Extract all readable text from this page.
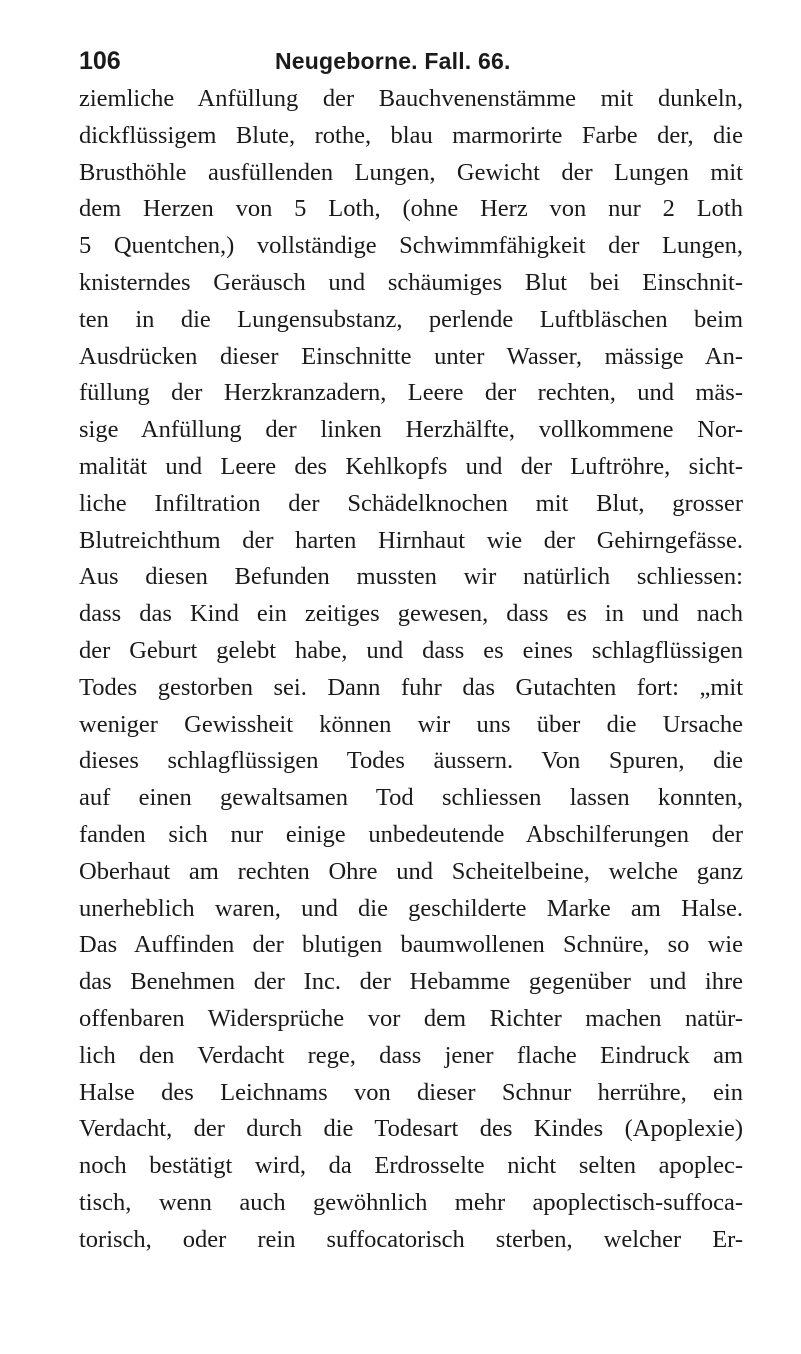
106	Neugeborne. Fall. 66.
ziemliche Anfüllung der Bauchvenenstämme mit dunkeln,
dickflüssigem Blute, rothe, blau marmorirte Farbe der, die
Brusthöhle ausfüllenden Lungen, Gewicht der Lungen mit
dem Herzen von 5 Loth, (ohne Herz von nur 2 Loth
5 Quentchen,) vollständige Schwimmfähigkeit der Lungen,
knisterndes Geräusch und schäumiges Blut bei Einschnit-
ten in die Lungensubstanz, perlende Luftbläschen beim
Ausdrücken dieser Einschnitte unter Wasser, mässige An-
füllung der Herzkranzadern, Leere der rechten, und mäs-
sige Anfüllung der linken Herzhälfte, vollkommene Nor-
malität und Leere des Kehlkopfs und der Luftröhre, sicht-
liche Infiltration der Schädelknochen mit Blut, grosser
Blutreichthum der harten Hirnhaut wie der Gehirngefässe.
Aus diesen Befunden mussten wir natürlich schliessen:
dass das Kind ein zeitiges gewesen, dass es in und nach
der Geburt gelebt habe, und dass es eines schlagflüssigen
Todes gestorben sei. Dann fuhr das Gutachten fort: „mit
weniger Gewissheit können wir uns über die Ursache
dieses schlagflüssigen Todes äussern. Von Spuren, die
auf einen gewaltsamen Tod schliessen lassen konnten,
fanden sich nur einige unbedeutende Abschilferungen der
Oberhaut am rechten Ohre und Scheitelbeine, welche ganz
unerheblich waren, und die geschilderte Marke am Halse.
Das Auffinden der blutigen baumwollenen Schnüre, so wie
das Benehmen der Inc. der Hebamme gegenüber und ihre
offenbaren Widersprüche vor dem Richter machen natür-
lich den Verdacht rege, dass jener flache Eindruck am
Halse des Leichnams von dieser Schnur herrühre, ein
Verdacht, der durch die Todesart des Kindes (Apoplexie)
noch bestätigt wird, da Erdrosselte nicht selten apoplec-
tisch, wenn auch gewöhnlich mehr apoplectisch-suffoca-
torisch, oder rein suffocatorisch sterben, welcher Er-
